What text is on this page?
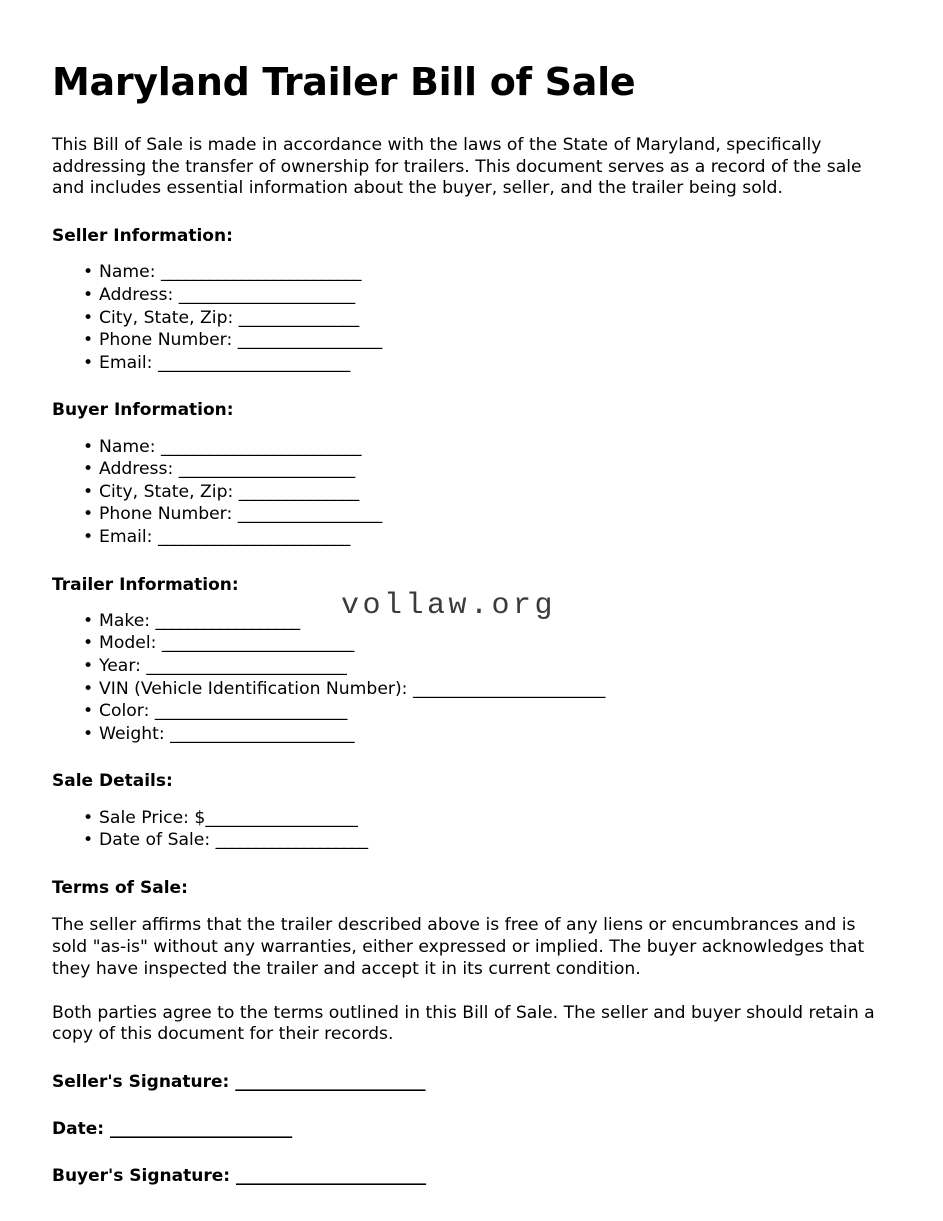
Maryland Trailer Bill of Sale

This Bill of Sale is made in accordance with the laws of the State of Maryland, specifically addressing the transfer of ownership for trailers. This document serves as a record of the sale and includes essential information about the buyer, seller, and the trailer being sold.

Seller Information:
• Name: _________________________
• Address: ______________________
• City, State, Zip: _______________
• Phone Number: __________________
• Email: ________________________
Buyer Information:
• Name: _________________________
• Address: ______________________
• City, State, Zip: _______________
• Phone Number: __________________
• Email: ________________________
Trailer Information:
• Make: __________________
• Model: ________________________
• Year: _________________________
• VIN (Vehicle Identification Number): ________________________
• Color: ________________________
• Weight: _______________________
Sale Details:
• Sale Price: $___________________
• Date of Sale: ___________________
Terms of Sale:

The seller affirms that the trailer described above is free of any liens or encumbrances and is sold "as-is" without any warranties, either expressed or implied. The buyer acknowledges that they have inspected the trailer and accept it in its current condition.

Both parties agree to the terms outlined in this Bill of Sale. The seller and buyer should retain a copy of this document for their records.

Seller's Signature: ________________________

Date: _______________________

Buyer's Signature: ________________________

vollaw.org
